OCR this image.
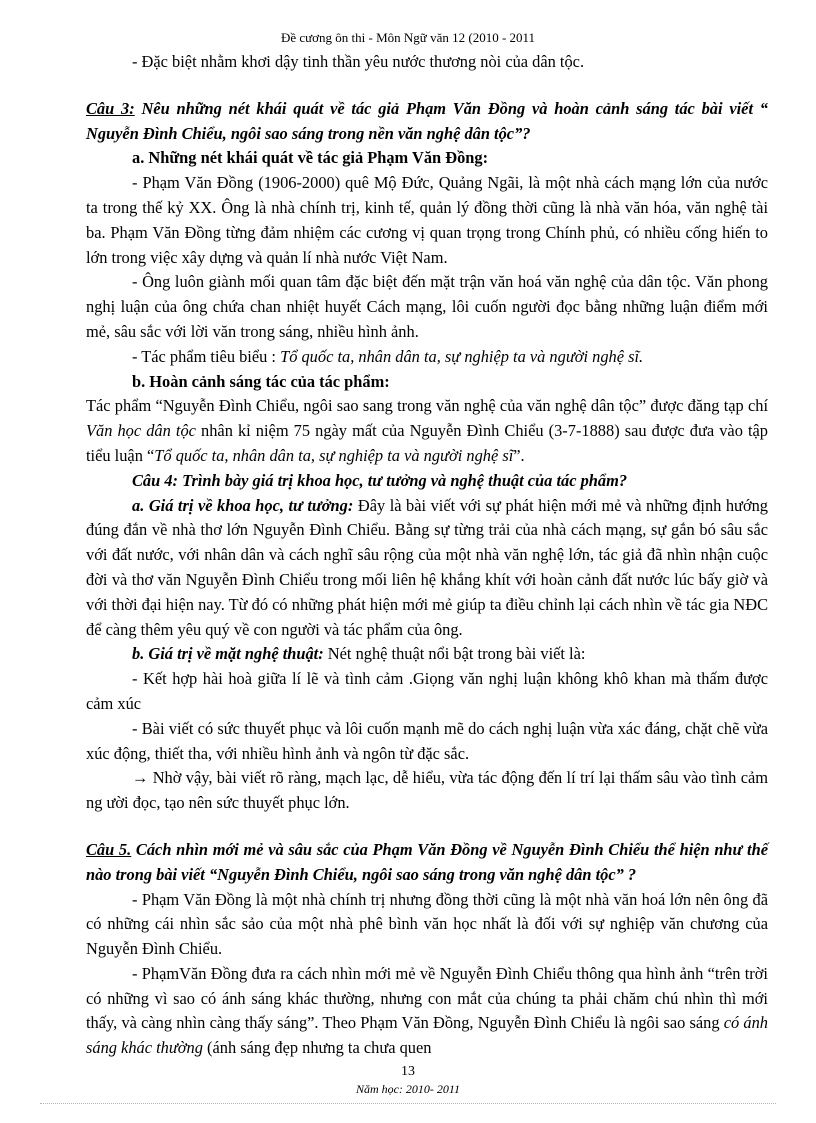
Đề cương ôn thi - Môn Ngữ văn 12 (2010 - 2011

- Đặc biệt nhằm khơi dậy tinh thần yêu nước thương nòi của dân tộc.

Câu 3: Nêu những nét khái quát về tác giả Phạm Văn Đồng và hoàn cảnh sáng tác bài viết “ Nguyễn Đình Chiểu, ngôi sao sáng trong nền văn nghệ dân tộc”?

a. Những nét khái quát về tác giả Phạm Văn Đồng:

- Phạm Văn Đồng (1906-2000) quê Mộ Đức, Quảng Ngãi, là một nhà cách mạng lớn của nước ta trong thế kỷ XX. Ông là nhà chính trị, kinh tế, quản lý đồng thời cũng là nhà văn hóa, văn nghệ tài ba. Phạm Văn Đồng từng đảm nhiệm các cương vị quan trọng trong Chính phủ, có nhiều cống hiến to lớn trong việc xây dựng và quản lí nhà nước Việt Nam.

- Ông luôn giành mối quan tâm đặc biệt đến mặt trận văn hoá văn nghệ của dân tộc. Văn phong nghị luận của ông chứa chan nhiệt huyết Cách mạng, lôi cuốn người đọc bằng những luận điểm mới mẻ, sâu sắc với lời văn trong sáng, nhiều hình ảnh.

- Tác phẩm tiêu biểu : Tổ quốc ta, nhân dân ta, sự nghiệp ta và người nghệ sĩ.

b. Hoàn cảnh sáng tác của tác phẩm:

Tác phẩm “Nguyễn Đình Chiểu, ngôi sao sang trong văn nghệ của văn nghệ dân tộc” được đăng tạp chí Văn học dân tộc nhân kỉ niệm 75 ngày mất của Nguyễn Đình Chiểu (3-7-1888) sau được đưa vào tập tiểu luận “Tổ quốc ta, nhân dân ta, sự nghiệp ta và người nghệ sĩ”.

Câu 4: Trình bày giá trị khoa học, tư tưởng và nghệ thuật của tác phẩm?

a. Giá trị về khoa học, tư tưởng: Đây là bài viết với sự phát hiện mới mẻ và những định hướng đúng đắn về nhà thơ lớn Nguyễn Đình Chiểu. Bằng sự từng trải của nhà cách mạng, sự gắn bó sâu sắc với đất nước, với nhân dân và cách nghĩ sâu rộng của một nhà văn nghệ lớn, tác giả đã nhìn nhận cuộc đời và thơ văn Nguyễn Đình Chiểu trong mối liên hệ khắng khít với hoàn cảnh đất nước lúc bấy giờ và với thời đại hiện nay. Từ đó có những phát hiện mới mẻ giúp ta điều chỉnh lại cách nhìn về tác gia NĐC để càng thêm yêu quý về con người và tác phẩm của ông.

b. Giá trị về mặt nghệ thuật: Nét nghệ thuật nổi bật trong bài viết là:

- Kết hợp hài hoà giữa lí lẽ và tình cảm .Giọng văn nghị luận không khô khan mà thấm được cảm xúc

- Bài viết có sức thuyết phục và lôi cuốn mạnh mẽ do cách nghị luận vừa xác đáng, chặt chẽ vừa xúc động, thiết tha, với nhiều hình ảnh và ngôn từ đặc sắc.

→ Nhờ vậy, bài viết rõ ràng, mạch lạc, dễ hiểu, vừa tác động đến lí trí lại thấm sâu vào tình cảm ng ười đọc, tạo nên sức thuyết phục lớn.

Câu 5. Cách nhìn mới mẻ và sâu sắc của Phạm Văn Đồng về Nguyễn Đình Chiểu thể hiện như thế nào trong bài viết “Nguyễn Đình Chiểu, ngôi sao sáng trong văn nghệ dân tộc” ?

- Phạm Văn Đồng là một nhà chính trị nhưng đồng thời cũng là một nhà văn hoá lớn nên ông đã có những cái nhìn sắc sảo của một nhà phê bình văn học nhất là đối với sự nghiệp văn chương của Nguyễn Đình Chiểu.

- PhạmVăn Đồng đưa ra cách nhìn mới mẻ về Nguyễn Đình Chiểu thông qua hình ảnh “trên trời có những vì sao có ánh sáng khác thường, nhưng con mắt của chúng ta phải chăm chú nhìn thì mới thấy, và càng nhìn càng thấy sáng”. Theo Phạm Văn Đồng, Nguyễn Đình Chiểu là ngôi sao sáng có ánh sáng khác thường (ánh sáng đẹp nhưng ta chưa quen

13
Năm học: 2010- 2011
